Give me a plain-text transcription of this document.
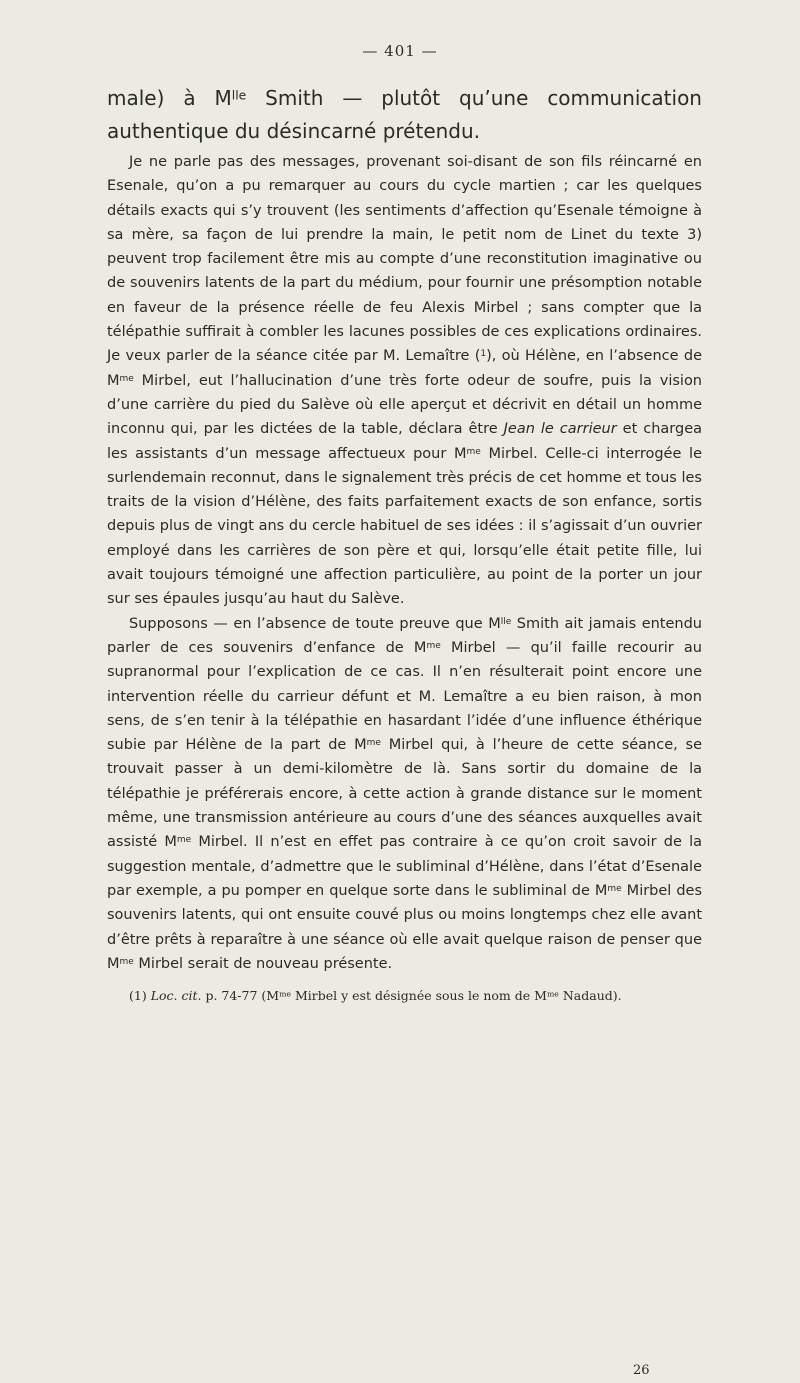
— 401 —

male) à $M^{lle}$ Smith — plutôt qu’une communication authentique du désincarné prétendu.

Je ne parle pas des messages, provenant soi-disant de son fils réincarné en Esenale, qu’on a pu remarquer au cours du cycle martien ; car les quelques détails exacts qui s’y trouvent (les sentiments d’affection qu’Esenale témoigne à sa mère, sa façon de lui prendre la main, le petit nom de Linet du texte 3) peuvent trop facilement être mis au compte d’une reconstitution imaginative ou de souvenirs latents de la part du médium, pour fournir une présomption notable en faveur de la présence réelle de feu Alexis Mirbel ; sans compter que la télépathie suffirait à combler les lacunes possibles de ces explications ordinaires. Je veux parler de la séance citée par M. Lemaître ($^1$), où Hélène, en l’absence de $M^{me}$ Mirbel, eut l’hallucination d’une très forte odeur de soufre, puis la vision d’une carrière du pied du Salève où elle aperçut et décrivit en détail un homme inconnu qui, par les dictées de la table, déclara être Jean le carrieur et chargea les assistants d’un message affectueux pour $M^{me}$ Mirbel. Celle-ci interrogée le surlendemain reconnut, dans le signalement très précis de cet homme et tous les traits de la vision d’Hélène, des faits parfaitement exacts de son enfance, sortis depuis plus de vingt ans du cercle habituel de ses idées : il s’agissait d’un ouvrier employé dans les carrières de son père et qui, lorsqu’elle était petite fille, lui avait toujours témoigné une affection particulière, au point de la porter un jour sur ses épaules jusqu’au haut du Salève.

Supposons — en l’absence de toute preuve que $M^{lle}$ Smith ait jamais entendu parler de ces souvenirs d’enfance de $M^{me}$ Mirbel — qu’il faille recourir au supranormal pour l’explication de ce cas. Il n’en résulterait point encore une intervention réelle du carrieur défunt et M. Lemaître a eu bien raison, à mon sens, de s’en tenir à la télépathie en hasardant l’idée d’une influence éthérique subie par Hélène de la part de $M^{me}$ Mirbel qui, à l’heure de cette séance, se trouvait passer à un demi-kilomètre de là. Sans sortir du domaine de la télépathie je préférerais encore, à cette action à grande distance sur le moment même, une transmission antérieure au cours d’une des séances auxquelles avait assisté $M^{me}$ Mirbel. Il n’est en effet pas contraire à ce qu’on croit savoir de la suggestion mentale, d’admettre que le subliminal d’Hélène, dans l’état d’Esenale par exemple, a pu pomper en quelque sorte dans le subliminal de $M^{me}$ Mirbel des souvenirs latents, qui ont ensuite couvé plus ou moins longtemps chez elle avant d’être prêts à reparaître à une séance où elle avait quelque raison de penser que $M^{me}$ Mirbel serait de nouveau présente.

(1) Loc. cit. p. 74-77 ($M^{me}$ Mirbel y est désignée sous le nom de $M^{me}$ Nadaud).

26
